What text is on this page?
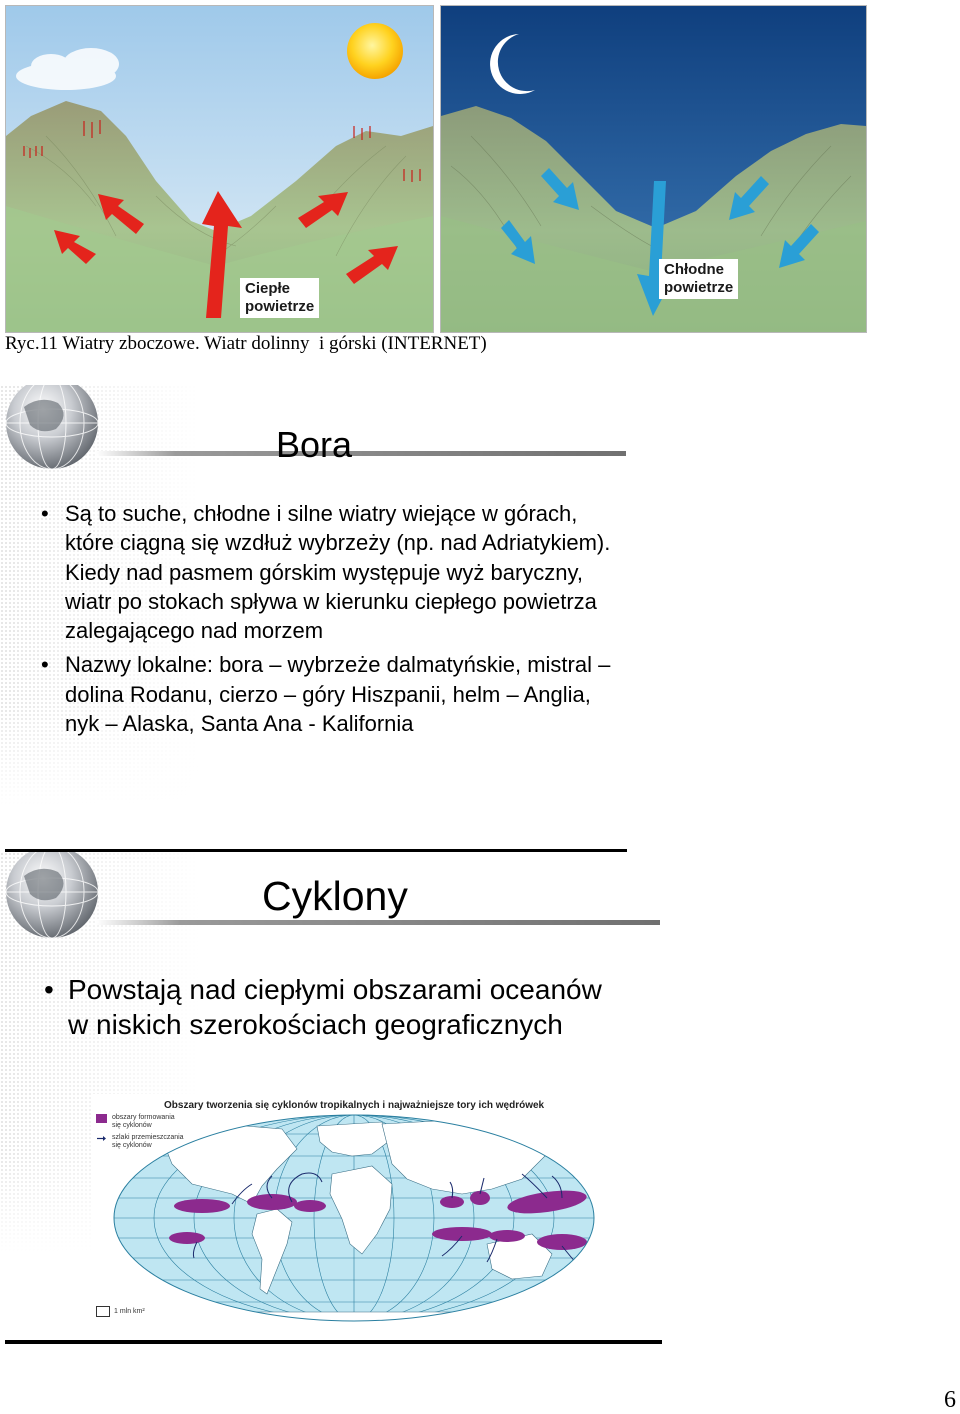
Ciepłe
powietrze
Chłodne
powietrze
Ryc.11 Wiatry zboczowe. Wiatr dolinny  i górski (INTERNET)
Bora
• Są to suche, chłodne i silne wiatry wiejące w górach, które ciągną się wzdłuż wybrzeży (np. nad Adriatykiem). Kiedy nad pasmem górskim występuje wyż baryczny, wiatr po stokach spływa w kierunku ciepłego powietrza zalegającego nad morzem
• Nazwy lokalne: bora – wybrzeże dalmatyńskie, mistral – dolina Rodanu, cierzo – góry Hiszpanii, helm – Anglia, nyk – Alaska, Santa Ana - Kalifornia
Cyklony
• Powstają nad ciepłymi obszarami oceanów w niskich szerokościach geograficznych
Obszary tworzenia się cyklonów tropikalnych i najważniejsze tory ich wędrówek
obszary formowania
się cyklonów
szlaki przemieszczania
się cyklonów
1 mln km²
6
